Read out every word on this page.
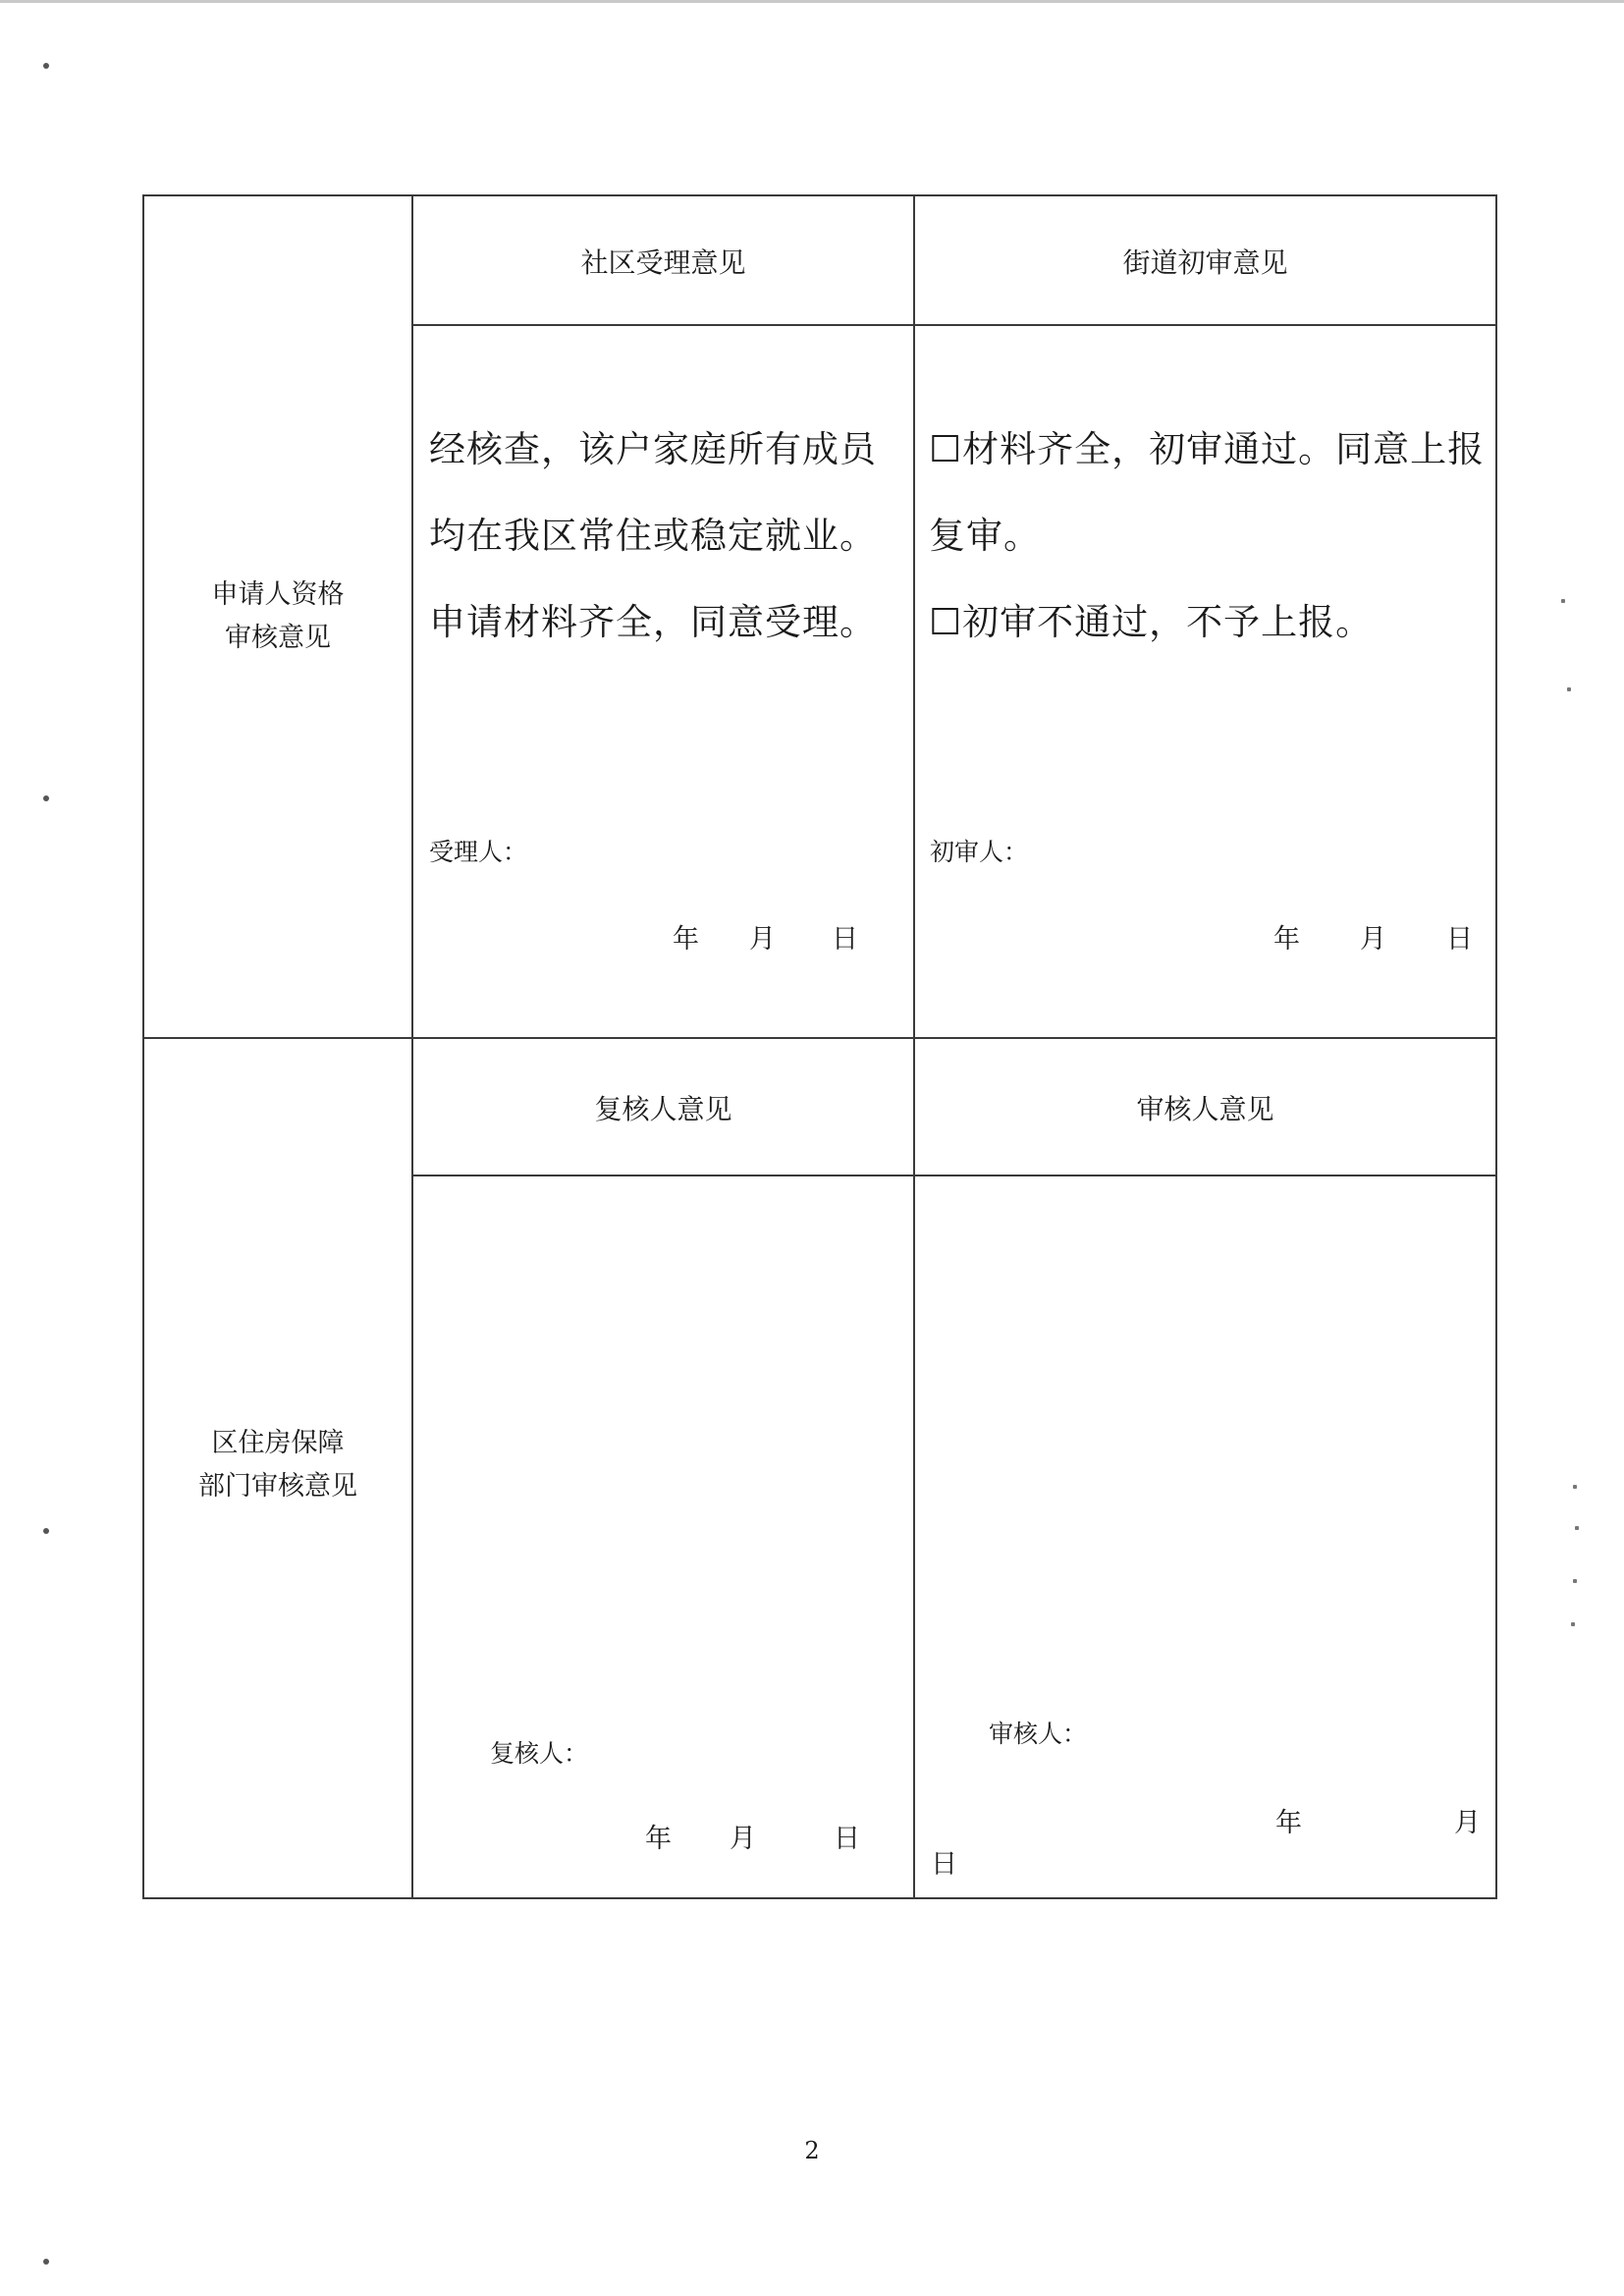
申请人资格
审核意见
社区受理意见
经核查，该户家庭所有成员
均在我区常住或稳定就业。
申请材料齐全，同意受理。
受理人：
年 月 日
街道初审意见
☐材料齐全，初审通过。同意上报
复审。
☐初审不通过，不予上报。
初审人：
年 月 日
区住房保障
部门审核意见
复核人意见
复核人：
年 月	日
审核人意见
审核人：
年	月
日
2
